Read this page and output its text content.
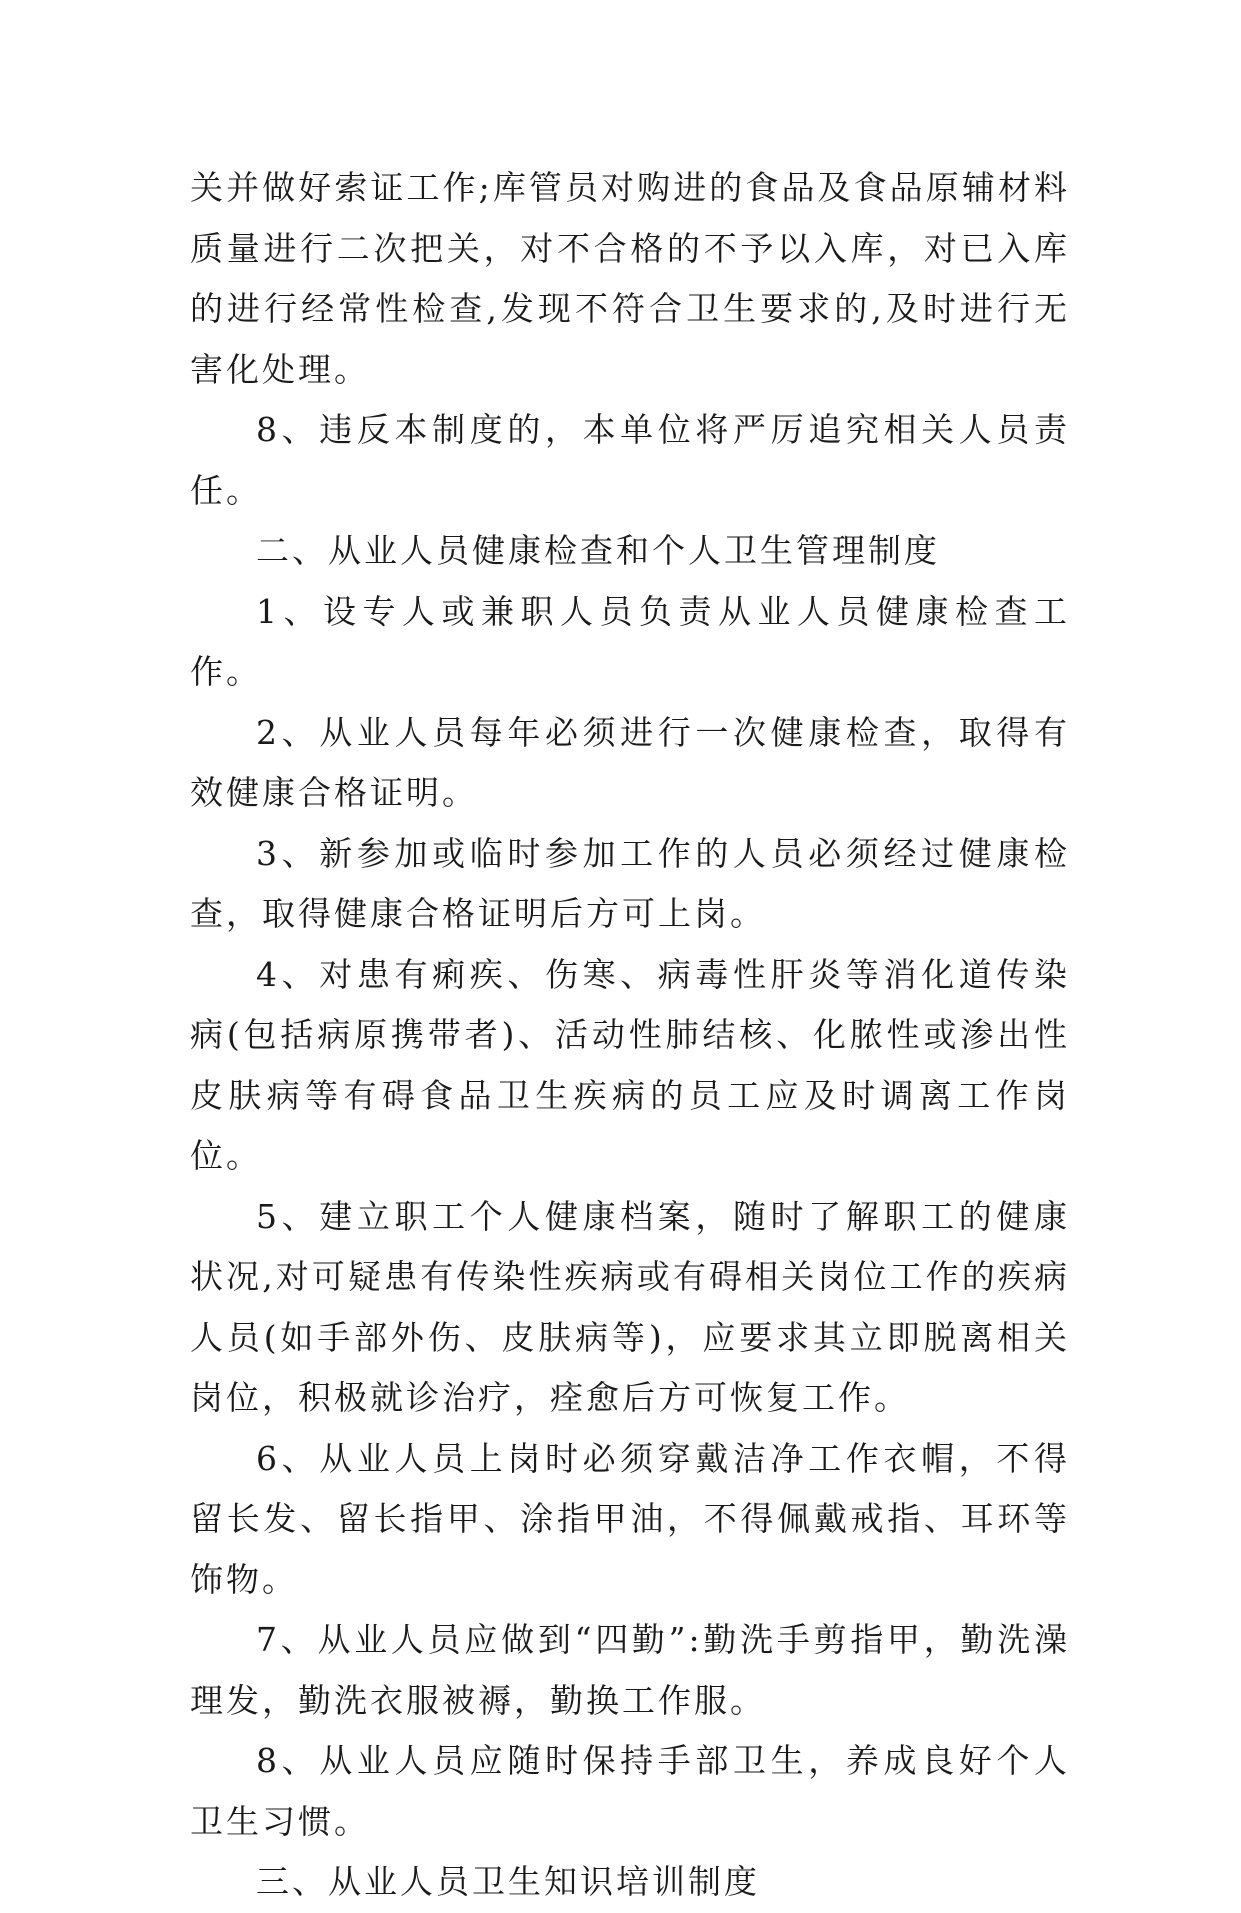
关并做好索证工作;库管员对购进的食品及食品原辅材料质量进行二次把关，对不合格的不予以入库，对已入库的进行经常性检查,发现不符合卫生要求的,及时进行无害化处理。

8、违反本制度的，本单位将严厉追究相关人员责任。

二、从业人员健康检查和个人卫生管理制度

1、设专人或兼职人员负责从业人员健康检查工作。

2、从业人员每年必须进行一次健康检查，取得有效健康合格证明。

3、新参加或临时参加工作的人员必须经过健康检查，取得健康合格证明后方可上岗。

4、对患有痢疾、伤寒、病毒性肝炎等消化道传染病(包括病原携带者)、活动性肺结核、化脓性或渗出性皮肤病等有碍食品卫生疾病的员工应及时调离工作岗位。

5、建立职工个人健康档案，随时了解职工的健康状况,对可疑患有传染性疾病或有碍相关岗位工作的疾病人员(如手部外伤、皮肤病等)，应要求其立即脱离相关岗位，积极就诊治疗，痊愈后方可恢复工作。

6、从业人员上岗时必须穿戴洁净工作衣帽，不得留长发、留长指甲、涂指甲油，不得佩戴戒指、耳环等饰物。

7、从业人员应做到“四勤”:勤洗手剪指甲，勤洗澡理发，勤洗衣服被褥，勤换工作服。

8、从业人员应随时保持手部卫生，养成良好个人卫生习惯。

三、从业人员卫生知识培训制度
